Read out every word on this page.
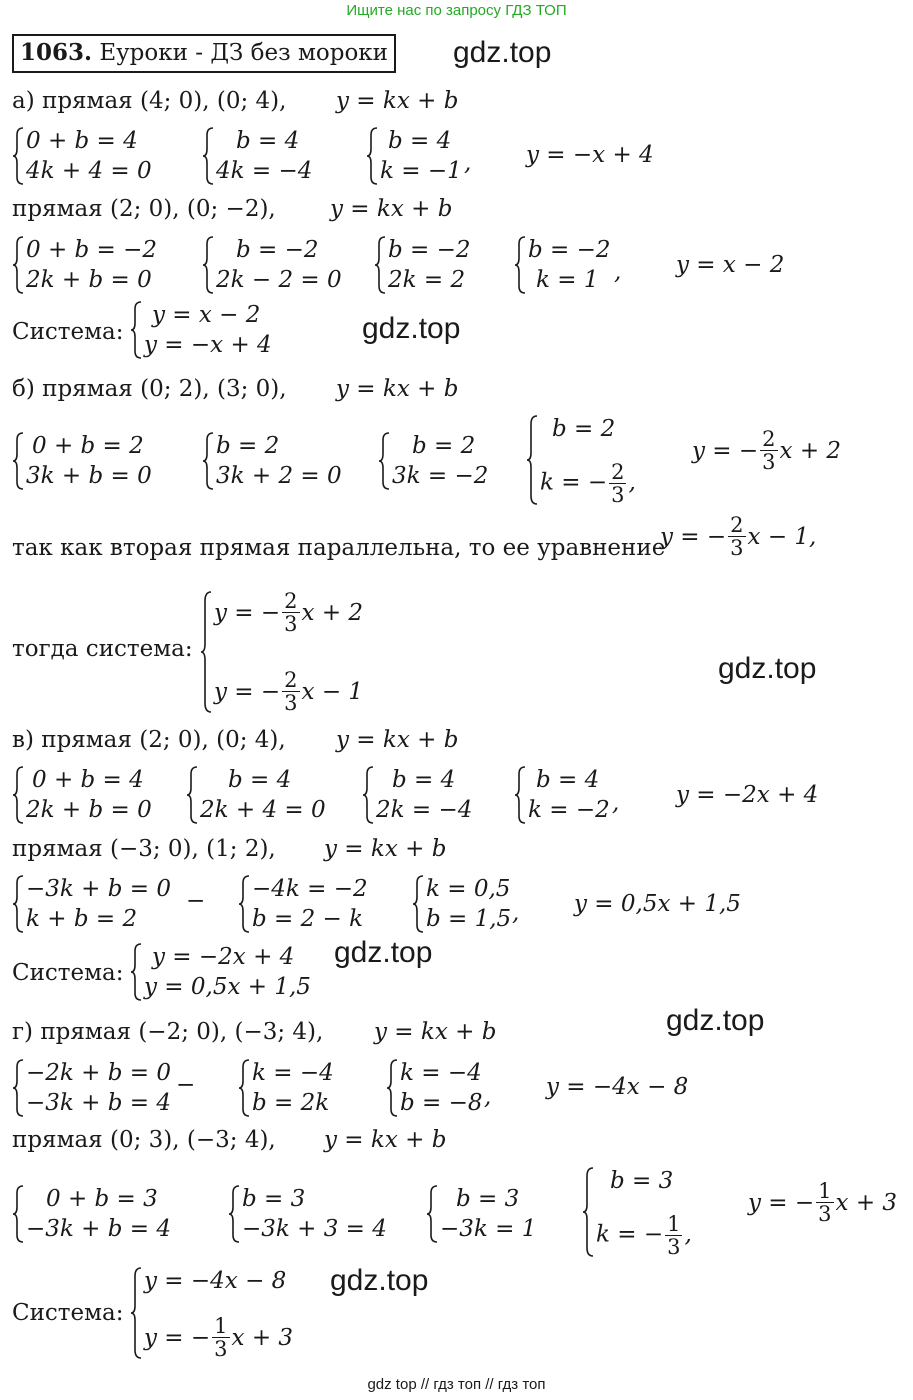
Ищите нас по запросу ГДЗ ТОП
1063. Еуроки - ДЗ без мороки gdz.top
а) прямая (4; 0), (0; 4), y = kx + b
0 + b = 4
4k + 4 = 0
b = 4
4k = −4
b = 4
k = −1 , y = −x + 4
прямая (2; 0), (0; −2), y = kx + b
0 + b = −2
2k + b = 0
b = −2
2k − 2 = 0
b = −2
2k = 2
b = −2
k = 1 , y = x − 2
Система:
y = x − 2
y = −x + 4	gdz.top
б) прямая (0; 2), (3; 0), y = kx + b
0 + b = 2
3k + b = 0
b = 2
3k + 2 = 0
b = 2
3k = −2
b = 2
k = − $\frac{2}{3}$ ,
y = − $\frac{2}{3}$ x + 2
так как вторая прямая параллельна, то ее уравнение
y = − $\frac{2}{3}$ x − 1,
тогда система:
y = − $\frac{2}{3}$ x + 2
y = − $\frac{2}{3}$ x − 1
gdz.top
в) прямая (2; 0), (0; 4), y = kx + b
0 + b = 4
2k + b = 0
b = 4
2k + 4 = 0
b = 4
2k = −4
b = 4
k = −2 , y = −2x + 4
прямая (−3; 0), (1; 2), y = kx + b
−3k + b = 0
k + b = 2
− −4k = −2
b = 2 − k
k = 0,5
b = 1,5 , y = 0,5x + 1,5
Система:
y = −2x + 4
y = 0,5x + 1,5
gdz.top
г) прямая (−2; 0), (−3; 4), y = kx + b	gdz.top
−2k + b = 0
−3k + b = 4
− k = −4
b = 2k
k = −4
b = −8 , y = −4x − 8
прямая (0; 3), (−3; 4), y = kx + b
0 + b = 3
−3k + b = 4
b = 3
−3k + 3 = 4
b = 3
−3k = 1
b = 3
k = − $\frac{1}{3}$ ,
y = − $\frac{1}{3}$ x + 3
Система:
y = −4x − 8
y = − $\frac{1}{3}$ x + 3
gdz.top
gdz top // гдз топ // гдз топ
